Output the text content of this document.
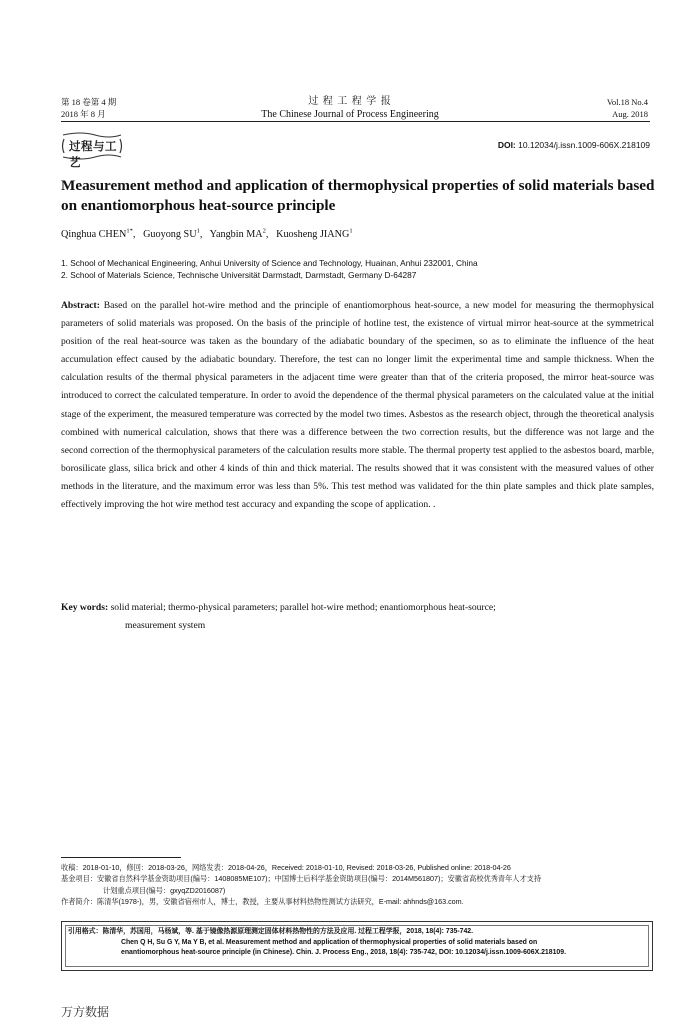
第 18 卷第 4 期
2018 年 8 月
过 程 工 程 学 报
The Chinese Journal of Process Engineering
Vol.18 No.4
Aug. 2018
过程与工艺
DOI: 10.12034/j.issn.1009-606X.218109
Measurement method and application of thermophysical properties of solid materials based on enantiomorphous heat-source principle
Qinghua $CHEN^{1*}$, Guoyong $SU^1$, Yangbin $MA^2$, Kuosheng JIANG$^1$
1. School of Mechanical Engineering, Anhui University of Science and Technology, Huainan, Anhui 232001, China
2. School of Materials Science, Technische Universität Darmstadt, Darmstadt, Germany D-64287
Abstract: Based on the parallel hot-wire method and the principle of enantiomorphous heat-source, a new model for measuring the thermophysical parameters of solid materials was proposed. On the basis of the principle of hotline test, the existence of virtual mirror heat-source at the symmetrical position of the real heat-source was taken as the boundary of the adiabatic boundary of the specimen, so as to eliminate the influence of the heat accumulation effect caused by the adiabatic boundary. Therefore, the test can no longer limit the experimental time and sample thickness. When the calculation results of the thermal physical parameters in the adjacent time were greater than that of the criteria proposed, the mirror heat-source was introduced to correct the calculated temperature. In order to avoid the dependence of the thermal physical parameters on the calculated value at the initial stage of the experiment, the measured temperature was corrected by the model two times. Asbestos as the research object, through the theoretical analysis combined with numerical calculation, shows that there was a difference between the two correction results, but the difference was not large and the second correction of the thermophysical parameters of the calculation results more stable. The thermal property test applied to the asbestos board, marble, borosilicate glass, silica brick and other 4 kinds of thin and thick material. The results showed that it was consistent with the measured values of other methods in the literature, and the maximum error was less than 5%. This test method was validated for the thin plate samples and thick plate samples, effectively improving the hot wire method test accuracy and expanding the scope of application. .
Key words: solid material; thermo-physical parameters; parallel hot-wire method; enantiomorphous heat-source;
measurement system
收稿：2018-01-10，修回：2018-03-26，网络发表：2018-04-26，Received: 2018-01-10, Revised: 2018-03-26, Published online: 2018-04-26
基金项目：安徽省自然科学基金资助项目(编号：1408085ME107)；中国博士后科学基金资助项目(编号：2014M561807)；安徽省高校优秀青年人才支持
计划重点项目(编号：gxyqZD2016087)
作者简介：陈清华(1978-)，男，安徽省宿州市人，博士，教授，主要从事材料热物性测试方法研究，E-mail: ahhnds@163.com.
引用格式：陈清华，苏国用，马杨斌，等. 基于镜像热源原理测定固体材料热物性的方法及应用. 过程工程学报，2018, 18(4): 735-742.
Chen Q H, Su G Y, Ma Y B, et al. Measurement method and application of thermophysical properties of solid materials based on
enantiomorphous heat-source principle (in Chinese). Chin. J. Process Eng., 2018, 18(4): 735-742, DOI: 10.12034/j.issn.1009-606X.218109.
万方数据
